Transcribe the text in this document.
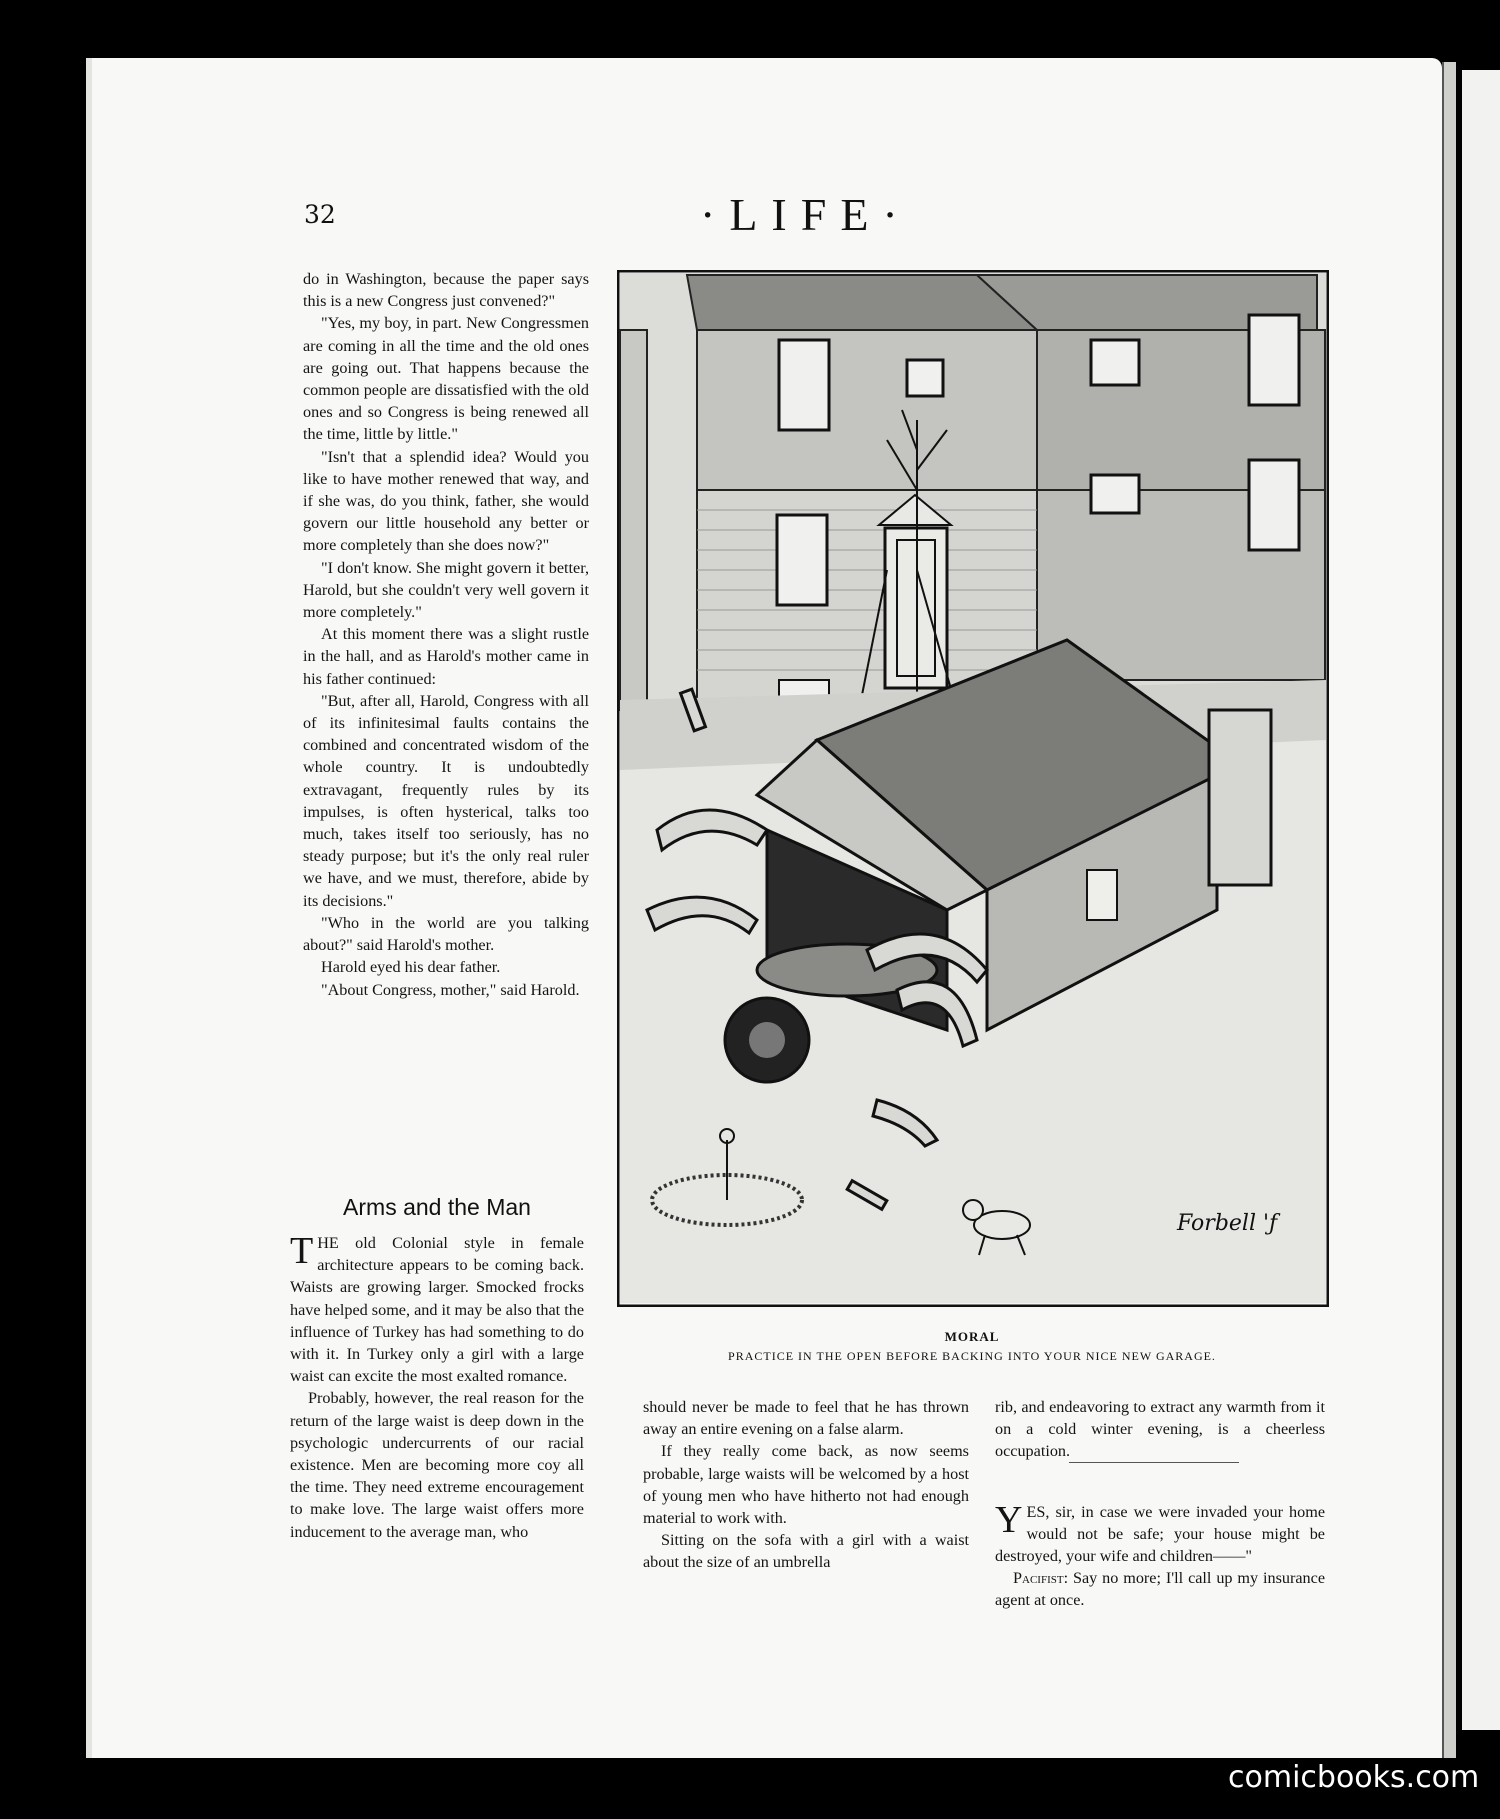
32	·LIFE·

do in Washington, because the paper says this is a new Congress just convened?"

"Yes, my boy, in part. New Congressmen are coming in all the time and the old ones are going out. That happens because the common people are dissatisfied with the old ones and so Congress is being renewed all the time, little by little."

"Isn't that a splendid idea? Would you like to have mother renewed that way, and if she was, do you think, father, she would govern our little household any better or more completely than she does now?"

"I don't know. She might govern it better, Harold, but she couldn't very well govern it more completely."

At this moment there was a slight rustle in the hall, and as Harold's mother came in his father continued:

"But, after all, Harold, Congress with all of its infinitesimal faults contains the combined and concentrated wisdom of the whole country. It is undoubtedly extravagant, frequently rules by its impulses, is often hysterical, talks too much, takes itself too seriously, has no steady purpose; but it's the only real ruler we have, and we must, therefore, abide by its decisions."

"Who in the world are you talking about?" said Harold's mother.

Harold eyed his dear father.

"About Congress, mother," said Harold.

Arms and the Man

THE old Colonial style in female architecture appears to be coming back. Waists are growing larger. Smocked frocks have helped some, and it may be also that the influence of Turkey has had something to do with it. In Turkey only a girl with a large waist can excite the most exalted romance.

Probably, however, the real reason for the return of the large waist is deep down in the psychologic undercurrents of our racial existence. Men are becoming more coy all the time. They need extreme encouragement to make love. The large waist offers more inducement to the average man, who

should never be made to feel that he has thrown away an entire evening on a false alarm.

If they really come back, as now seems probable, large waists will be welcomed by a host of young men who have hitherto not had enough material to work with.

Sitting on the sofa with a girl with a waist about the size of an umbrella

rib, and endeavoring to extract any warmth from it on a cold winter evening, is a cheerless occupation.

YES, sir, in case we were invaded your home would not be safe; your house might be destroyed, your wife and children——"

Pacifist: Say no more; I'll call up my insurance agent at once.

Forbell 'ƒ
MORAL
PRACTICE IN THE OPEN BEFORE BACKING INTO YOUR NICE NEW GARAGE.
comicbooks.com
